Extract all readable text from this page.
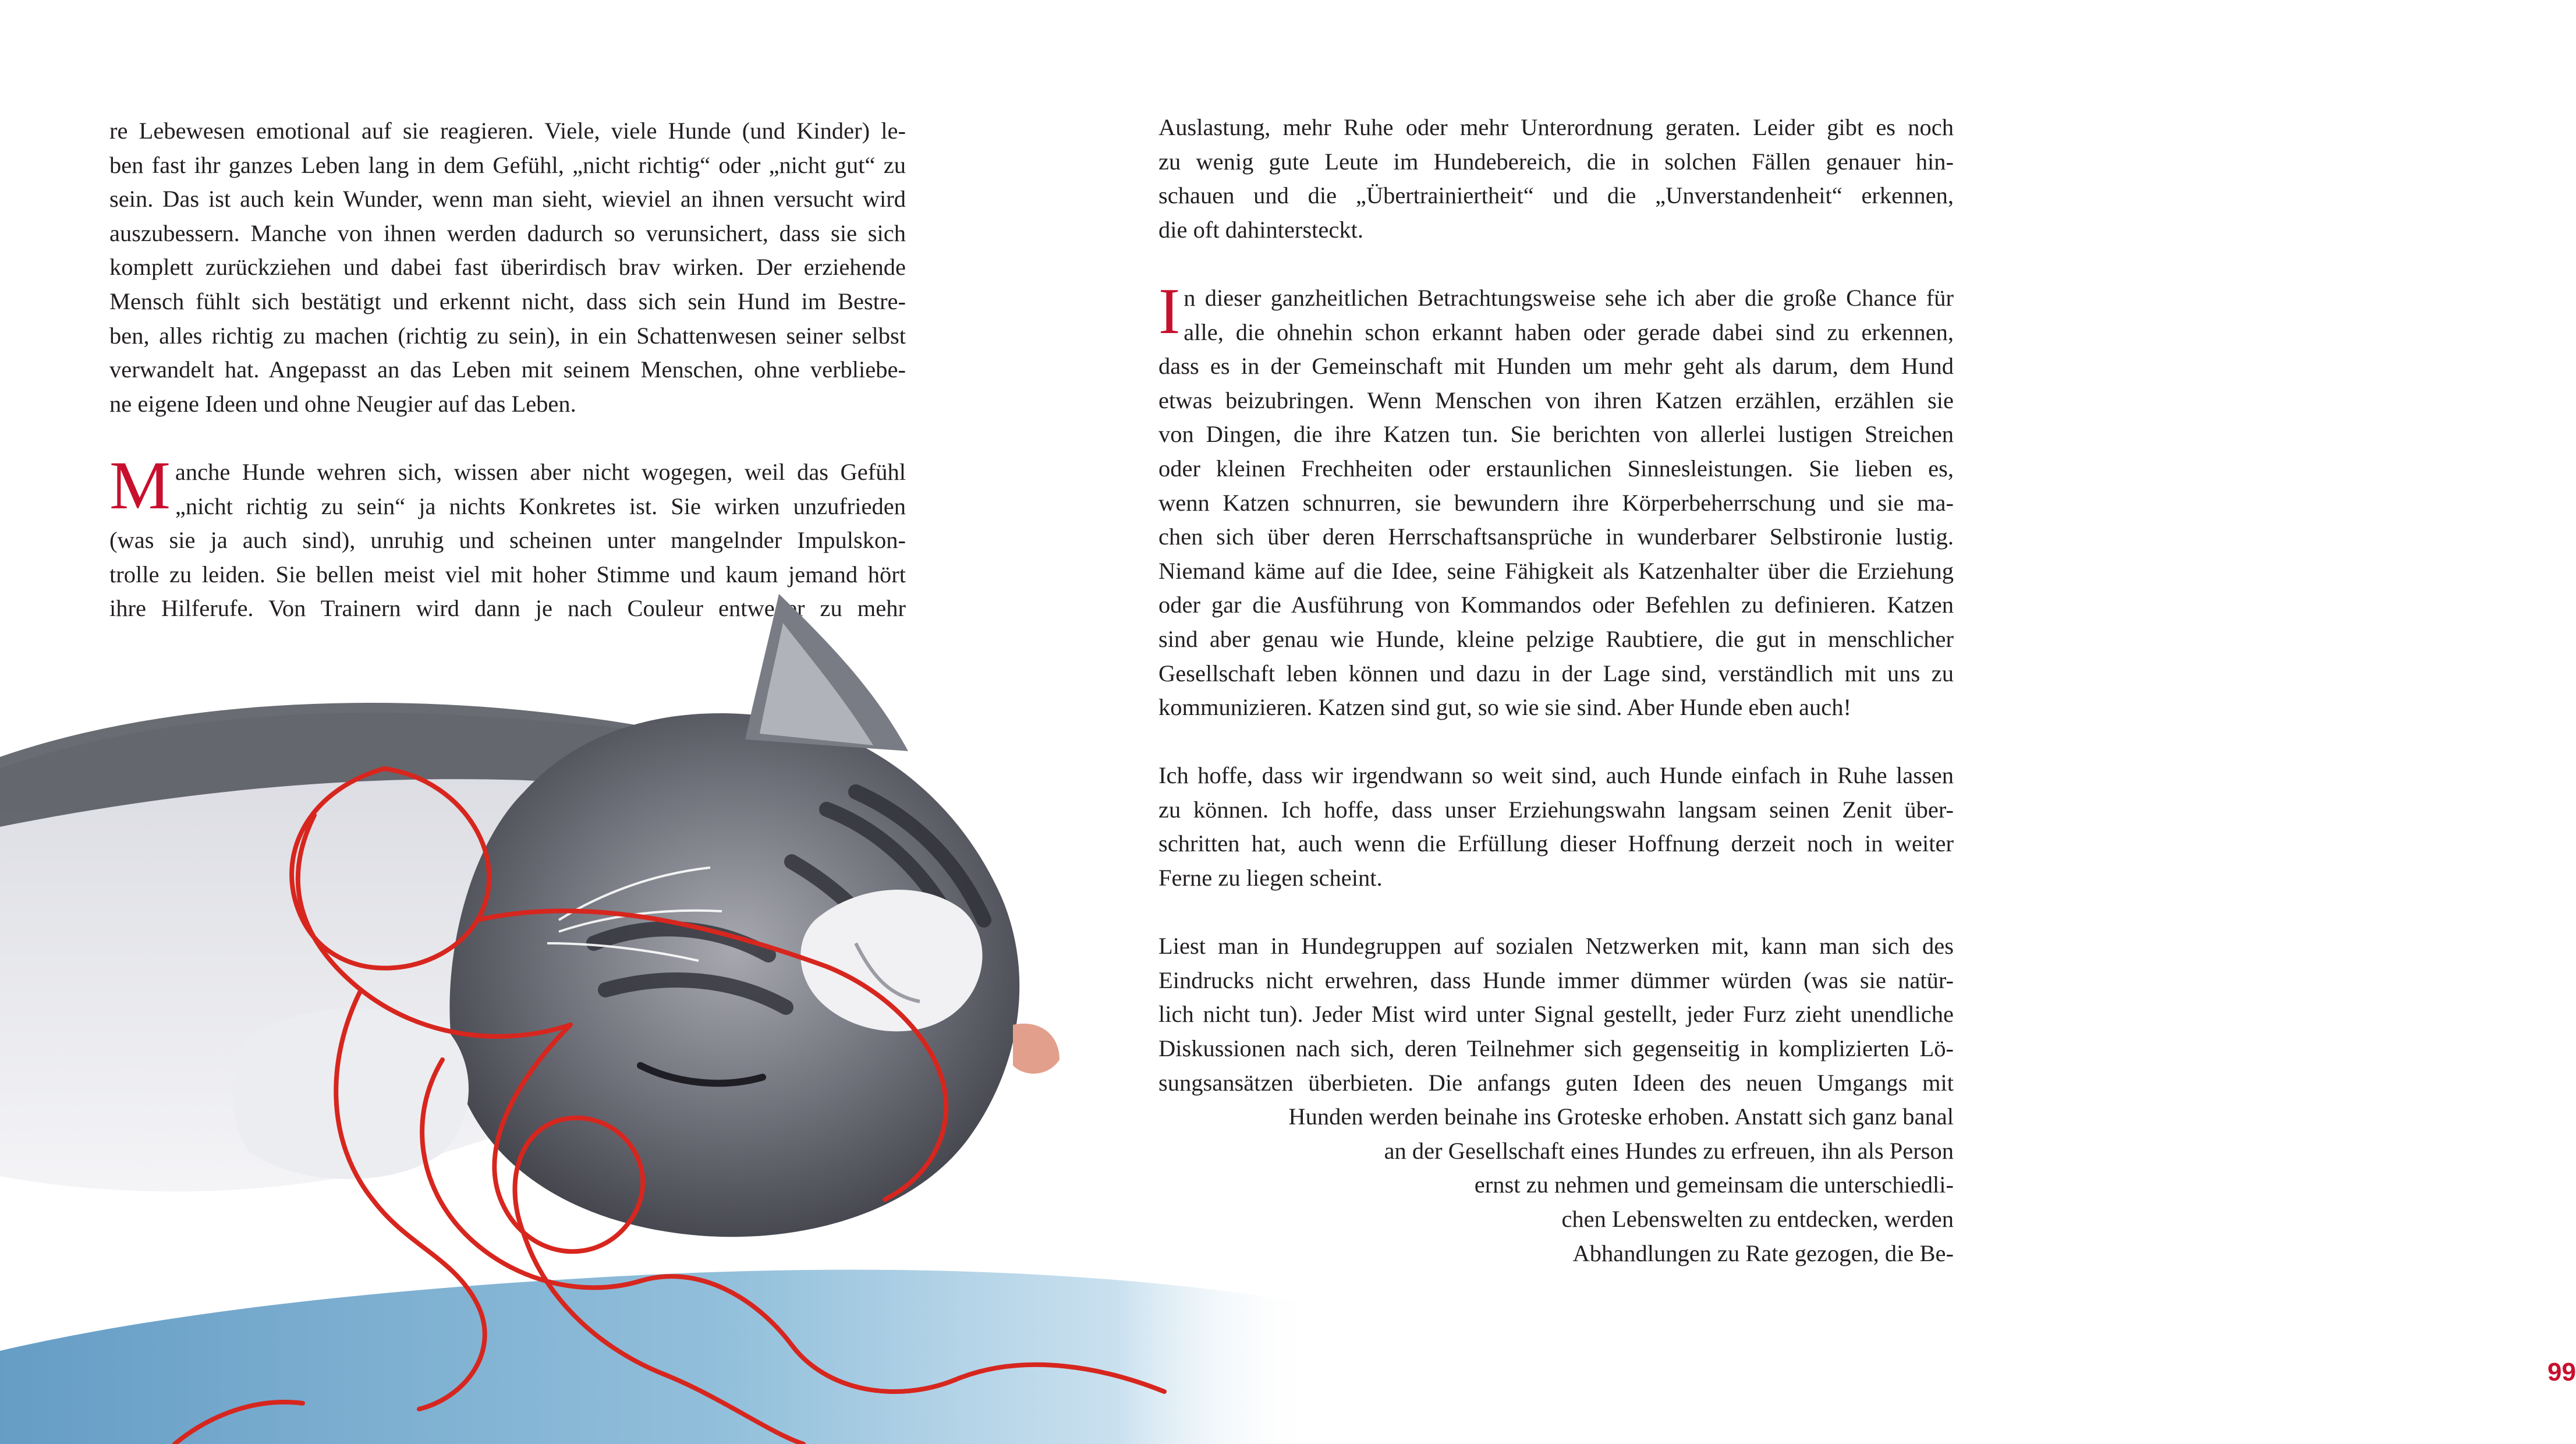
re Lebewesen emotional auf sie reagieren. Viele, viele Hunde (und Kinder) le-
ben fast ihr ganzes Leben lang in dem Gefühl, „nicht richtig“ oder „nicht gut“ zu
sein. Das ist auch kein Wunder, wenn man sieht, wieviel an ihnen versucht wird
auszubessern. Manche von ihnen werden dadurch so verunsichert, dass sie sich
komplett zurückziehen und dabei fast überirdisch brav wirken. Der erziehende
Mensch fühlt sich bestätigt und erkennt nicht, dass sich sein Hund im Bestre-
ben, alles richtig zu machen (richtig zu sein), in ein Schattenwesen seiner selbst
verwandelt hat. Angepasst an das Leben mit seinem Menschen, ohne verbliebe-
ne eigene Ideen und ohne Neugier auf das Leben.
M anche Hunde wehren sich, wissen aber nicht wogegen, weil das Gefühl
„nicht richtig zu sein“ ja nichts Konkretes ist. Sie wirken unzufrieden
(was sie ja auch sind), unruhig und scheinen unter mangelnder Impulskon-
trolle zu leiden. Sie bellen meist viel mit hoher Stimme und kaum jemand hört
ihre Hilferufe. Von Trainern wird dann je nach Couleur entweder zu mehr
Auslastung, mehr Ruhe oder mehr Unterordnung geraten. Leider gibt es noch
zu wenig gute Leute im Hundebereich, die in solchen Fällen genauer hin-
schauen und die „Übertrainiertheit“ und die „Unverstandenheit“ erkennen,
die oft dahintersteckt.
I n dieser ganzheitlichen Betrachtungsweise sehe ich aber die große Chance für
alle, die ohnehin schon erkannt haben oder gerade dabei sind zu erkennen,
dass es in der Gemeinschaft mit Hunden um mehr geht als darum, dem Hund
etwas beizubringen. Wenn Menschen von ihren Katzen erzählen, erzählen sie
von Dingen, die ihre Katzen tun. Sie berichten von allerlei lustigen Streichen
oder kleinen Frechheiten oder erstaunlichen Sinnesleistungen. Sie lieben es,
wenn Katzen schnurren, sie bewundern ihre Körperbeherrschung und sie ma-
chen sich über deren Herrschaftsansprüche in wunderbarer Selbstironie lustig.
Niemand käme auf die Idee, seine Fähigkeit als Katzenhalter über die Erziehung
oder gar die Ausführung von Kommandos oder Befehlen zu definieren. Katzen
sind aber genau wie Hunde, kleine pelzige Raubtiere, die gut in menschlicher
Gesellschaft leben können und dazu in der Lage sind, verständlich mit uns zu
kommunizieren. Katzen sind gut, so wie sie sind. Aber Hunde eben auch!
Ich hoffe, dass wir irgendwann so weit sind, auch Hunde einfach in Ruhe lassen
zu können. Ich hoffe, dass unser Erziehungswahn langsam seinen Zenit über-
schritten hat, auch wenn die Erfüllung dieser Hoffnung derzeit noch in weiter
Ferne zu liegen scheint.
Liest man in Hundegruppen auf sozialen Netzwerken mit, kann man sich des
Eindrucks nicht erwehren, dass Hunde immer dümmer würden (was sie natür-
lich nicht tun). Jeder Mist wird unter Signal gestellt, jeder Furz zieht unendliche
Diskussionen nach sich, deren Teilnehmer sich gegenseitig in komplizierten Lö-
sungsansätzen überbieten. Die anfangs guten Ideen des neuen Umgangs mit
Hunden werden beinahe ins Groteske erhoben. Anstatt sich ganz banal
an der Gesellschaft eines Hundes zu erfreuen, ihn als Person
ernst zu nehmen und gemeinsam die unterschiedli-
chen Lebenswelten zu entdecken, werden
Abhandlungen zu Rate gezogen, die Be-
99
